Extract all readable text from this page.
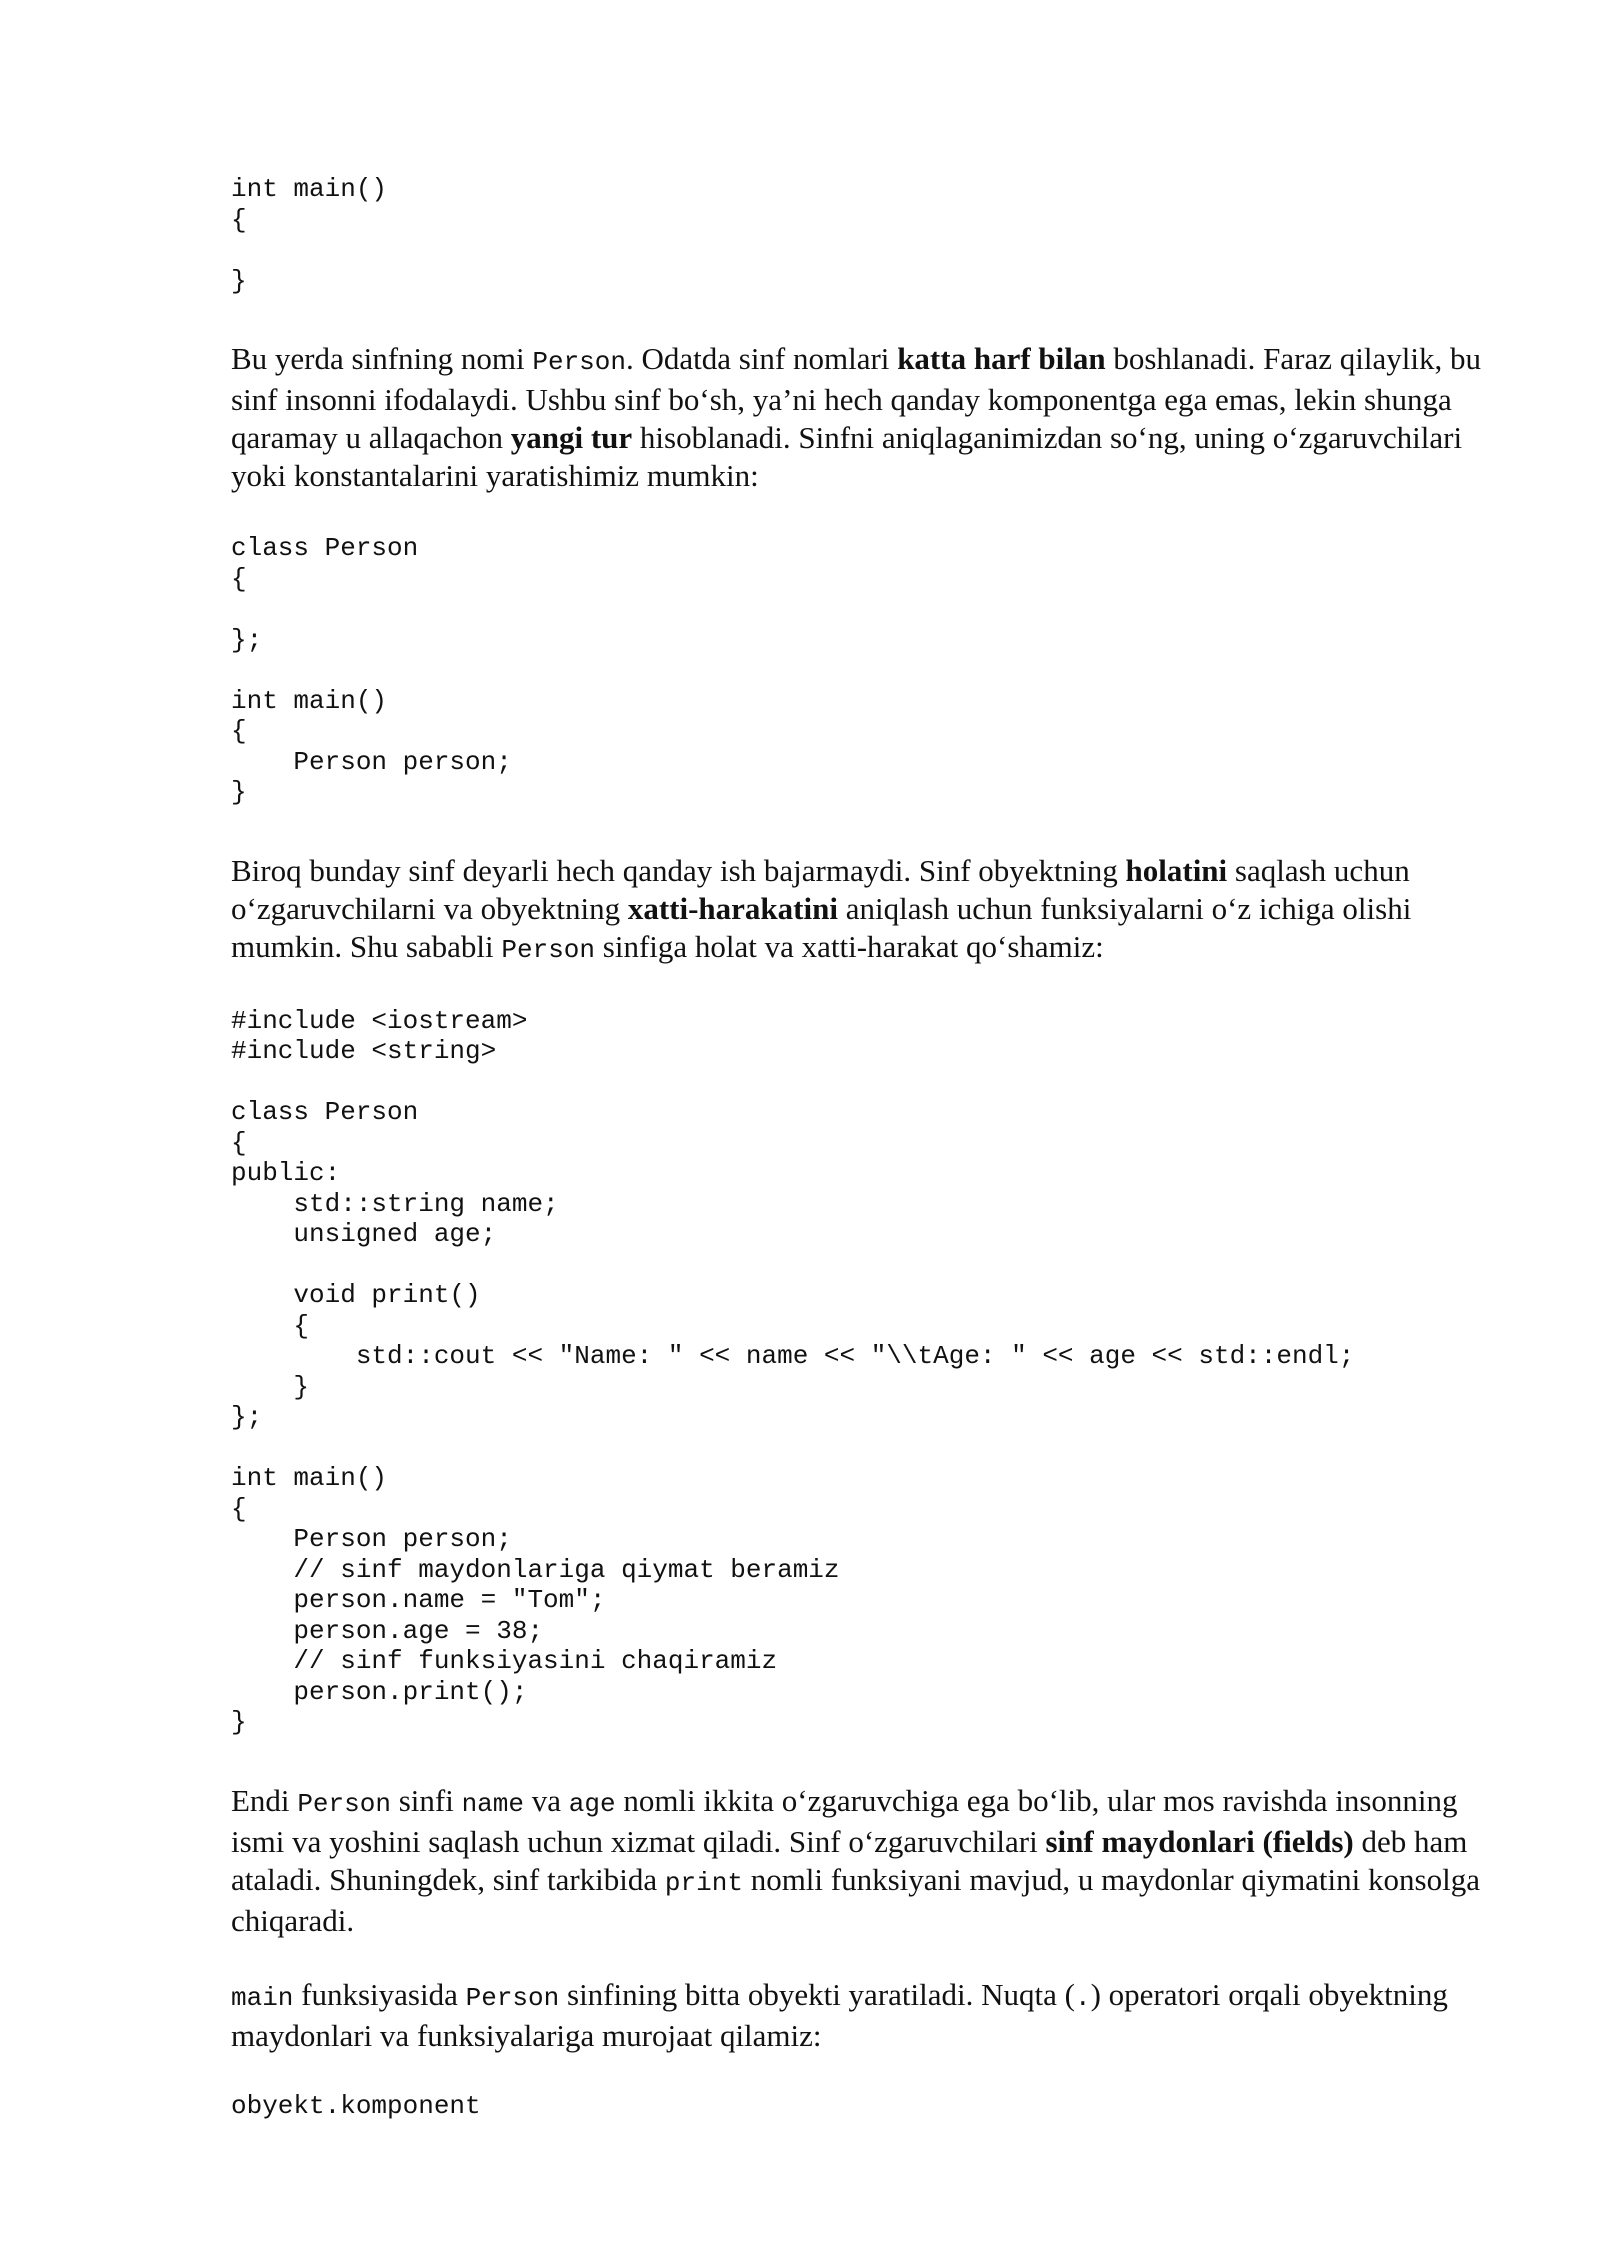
int main()
{

}

Bu yerda sinfning nomi Person. Odatda sinf nomlari katta harf bilan boshlanadi. Faraz qilaylik, bu sinf insonni ifodalaydi. Ushbu sinf bo‘sh, ya’ni hech qanday komponentga ega emas, lekin shunga qaramay u allaqachon yangi tur hisoblanadi. Sinfni aniqlaganimizdan so‘ng, uning o‘zgaruvchilari yoki konstantalarini yaratishimiz mumkin:

class Person
{

};

int main()
{
Person person;
}

Biroq bunday sinf deyarli hech qanday ish bajarmaydi. Sinf obyektning holatini saqlash uchun o‘zgaruvchilarni va obyektning xatti-harakatini aniqlash uchun funksiyalarni o‘z ichiga olishi mumkin. Shu sababli Person sinfiga holat va xatti-harakat qo‘shamiz:

#include <iostream>
#include <string>

class Person
{
public:
std::string name;
unsigned age;

void print()
{
std::cout << "Name: " << name << "\\tAge: " << age << std::endl;
}
};

int main()
{
Person person;
// sinf maydonlariga qiymat beramiz
person.name = "Tom";
person.age = 38;
// sinf funksiyasini chaqiramiz
person.print();
}

Endi Person sinfi name va age nomli ikkita o‘zgaruvchiga ega bo‘lib, ular mos ravishda insonning ismi va yoshini saqlash uchun xizmat qiladi. Sinf o‘zgaruvchilari sinf maydonlari (fields) deb ham ataladi. Shuningdek, sinf tarkibida print nomli funksiyani mavjud, u maydonlar qiymatini konsolga chiqaradi.

main funksiyasida Person sinfining bitta obyekti yaratiladi. Nuqta (.) operatori orqali obyektning maydonlari va funksiyalariga murojaat qilamiz:

obyekt.komponent
